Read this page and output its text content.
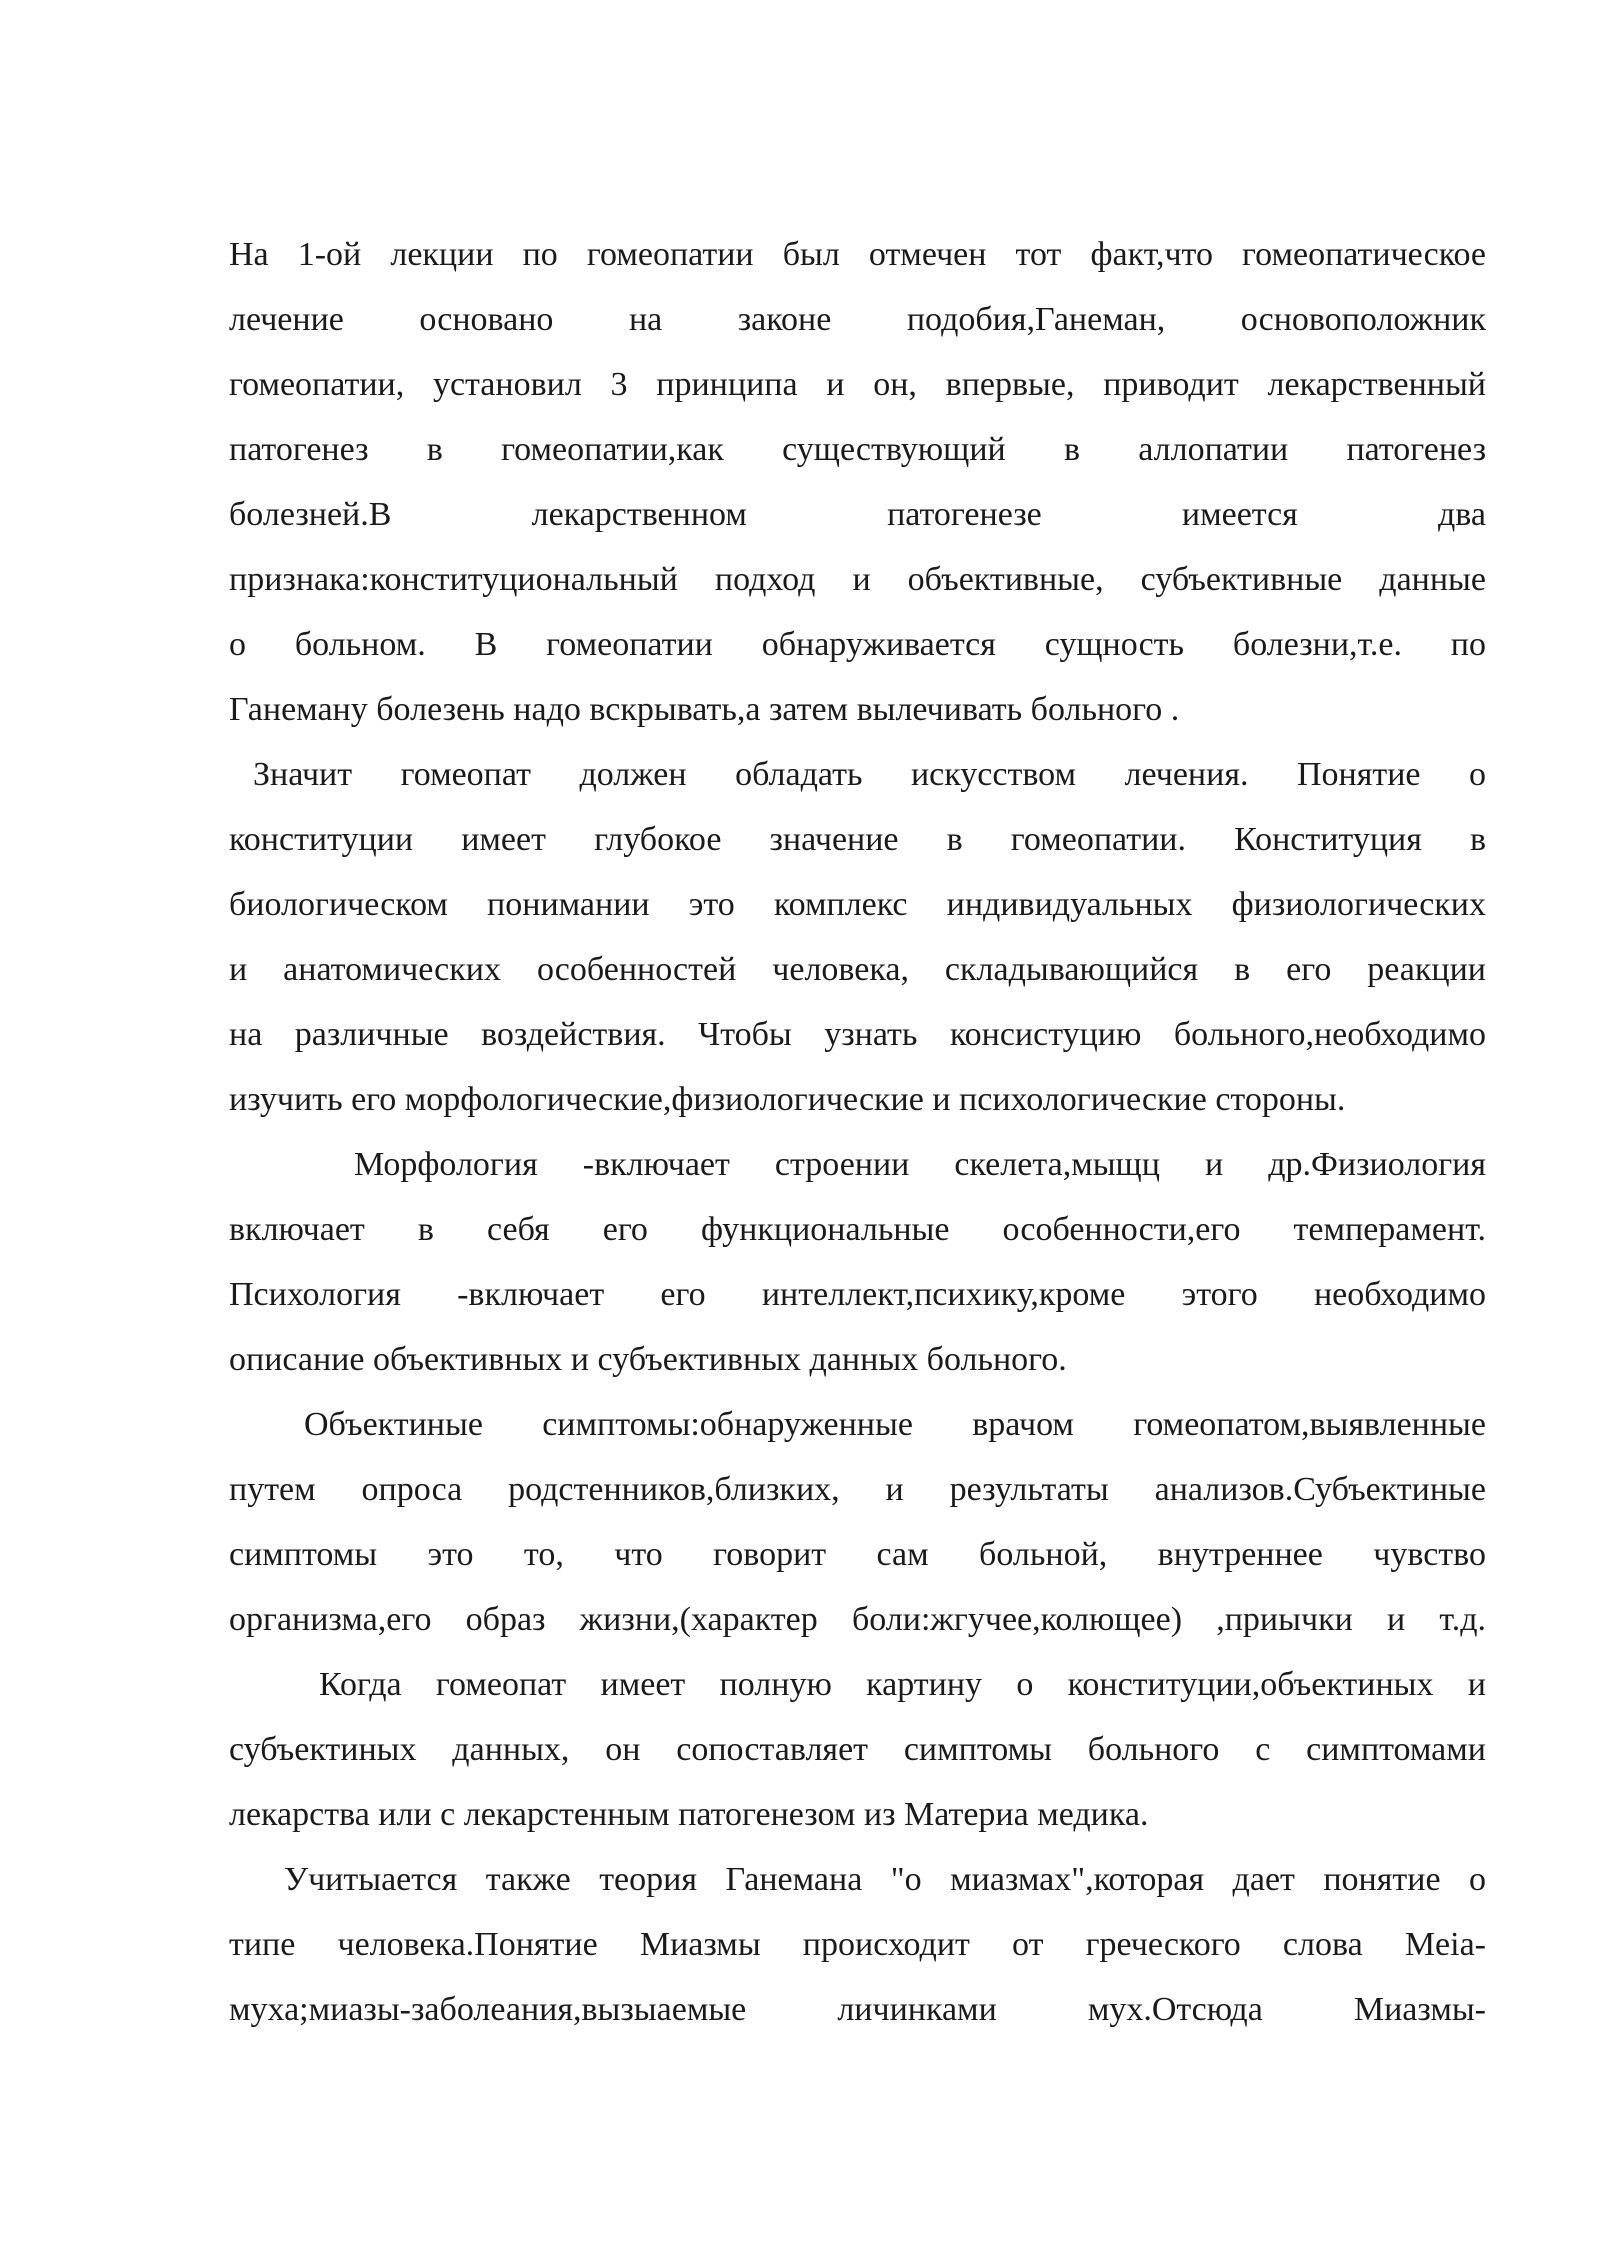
На 1-ой лекции по гомеопатии был отмечен тот факт,что гомеопатическое
лечение основано на законе подобия,Ганеман, основоположник
гомеопатии, установил 3 принципа и он, впервые, приводит лекарственный
патогенез в гомеопатии,как существующий в аллопатии патогенез
болезней.В лекарственном патогенезе имеется два
признака:конституциональный подход и объективные, субъективные данные
о больном. В гомеопатии обнаруживается сущность болезни,т.е. по
Ганеману болезень надо вскрывать,а затем вылечивать больного .
Значит гомеопат должен обладать искусством лечения. Понятие о
конституции имеет глубокое значение в гомеопатии. Конституция в
биологическом понимании это комплекс индивидуальных физиологических
и анатомических особенностей человека, складывающийся в его реакции
на различные воздействия. Чтобы узнать консистуцию больного,необходимо
изучить его морфологические,физиологические и психологические стороны.
Морфология -включает строении скелета,мыщц и др.Физиология
включает в себя его функциональные особенности,его темперамент.
Психология -включает его интеллект,психику,кроме этого необходимо
описание объективных и субъективных данных больного.
Объектиные симптомы:обнаруженные врачом гомеопатом,выявленные
путем опроса родстенников,близких, и результаты анализов.Субъектиные
симптомы это то, что говорит сам больной, внутреннее чувство
организма,его образ жизни,(характер боли:жгучее,колющее) ,приычки и т.д.
Когда гомеопат имеет полную картину о конституции,объектиных и
субъектиных данных, он сопоставляет симптомы больного с симптомами
лекарства или с лекарстенным патогенезом из Материа медика.
Учитыается также теория Ганемана "о миазмах",которая дает понятие о
типе человека.Понятие Миазмы происходит от греческого слова Meia-
муха;миазы-заболеания,вызыаемые личинками мух.Отсюда Миазмы-
